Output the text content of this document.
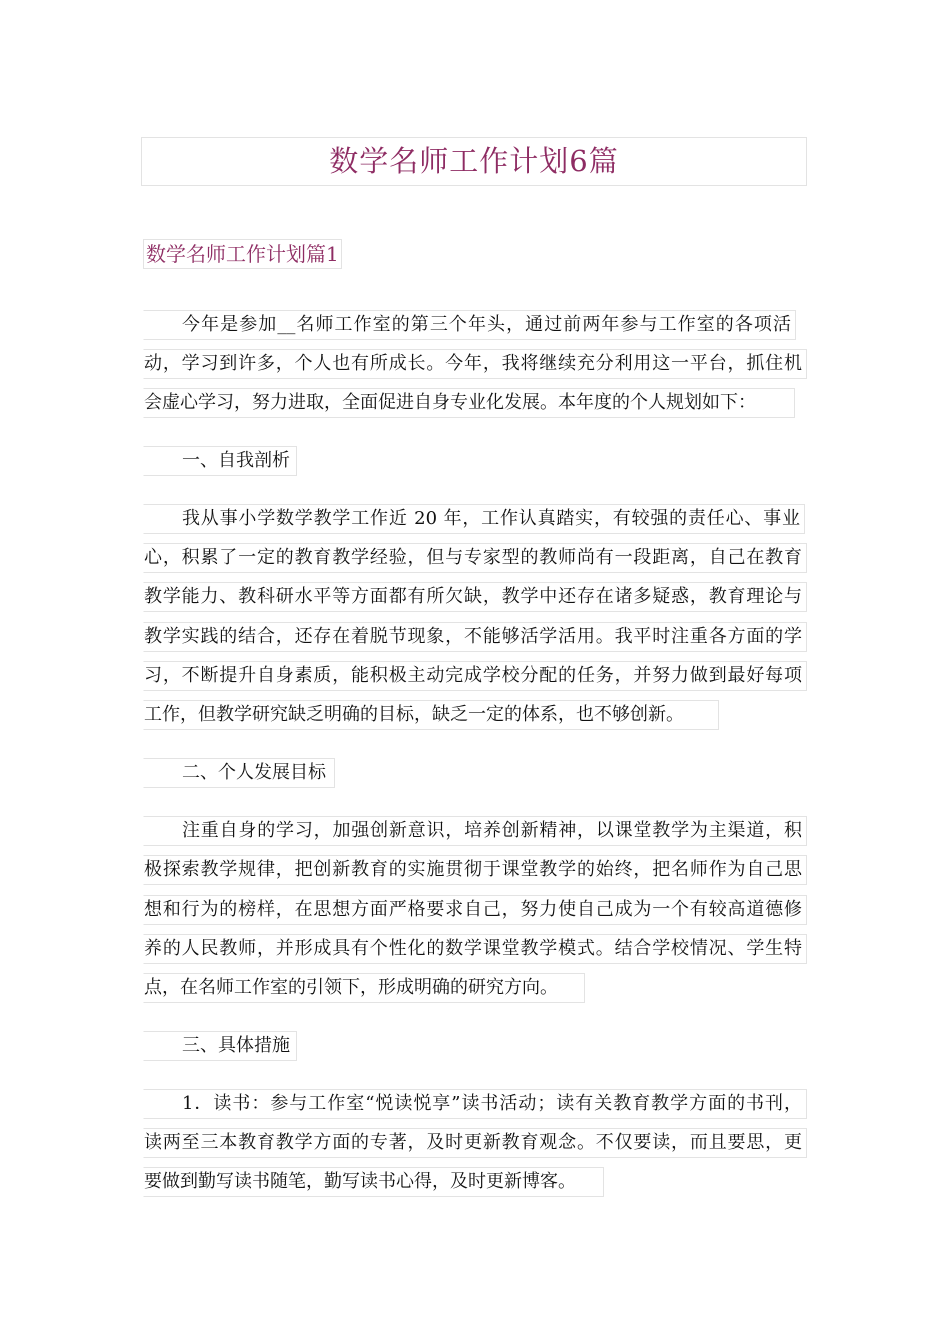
数学名师工作计划6篇
数学名师工作计划篇1
今年是参加__名师工作室的第三个年头，通过前两年参与工作室的各项活
动，学习到许多，个人也有所成长。今年，我将继续充分利用这一平台，抓住机
会虚心学习，努力进取，全面促进自身专业化发展。本年度的个人规划如下：
一、自我剖析
我从事小学数学教学工作近 20 年，工作认真踏实，有较强的责任心、事业
心，积累了一定的教育教学经验，但与专家型的教师尚有一段距离，自己在教育
教学能力、教科研水平等方面都有所欠缺，教学中还存在诸多疑惑，教育理论与
教学实践的结合，还存在着脱节现象，不能够活学活用。我平时注重各方面的学
习，不断提升自身素质，能积极主动完成学校分配的任务，并努力做到最好每项
工作，但教学研究缺乏明确的目标，缺乏一定的体系，也不够创新。
二、个人发展目标
注重自身的学习，加强创新意识，培养创新精神，以课堂教学为主渠道，积
极探索教学规律，把创新教育的实施贯彻于课堂教学的始终，把名师作为自己思
想和行为的榜样，在思想方面严格要求自己，努力使自己成为一个有较高道德修
养的人民教师，并形成具有个性化的数学课堂教学模式。结合学校情况、学生特
点，在名师工作室的引领下，形成明确的研究方向。
三、具体措施
1．读书：参与工作室“悦读悦享”读书活动；读有关教育教学方面的书刊，
读两至三本教育教学方面的专著，及时更新教育观念。不仅要读，而且要思，更
要做到勤写读书随笔，勤写读书心得，及时更新博客。
